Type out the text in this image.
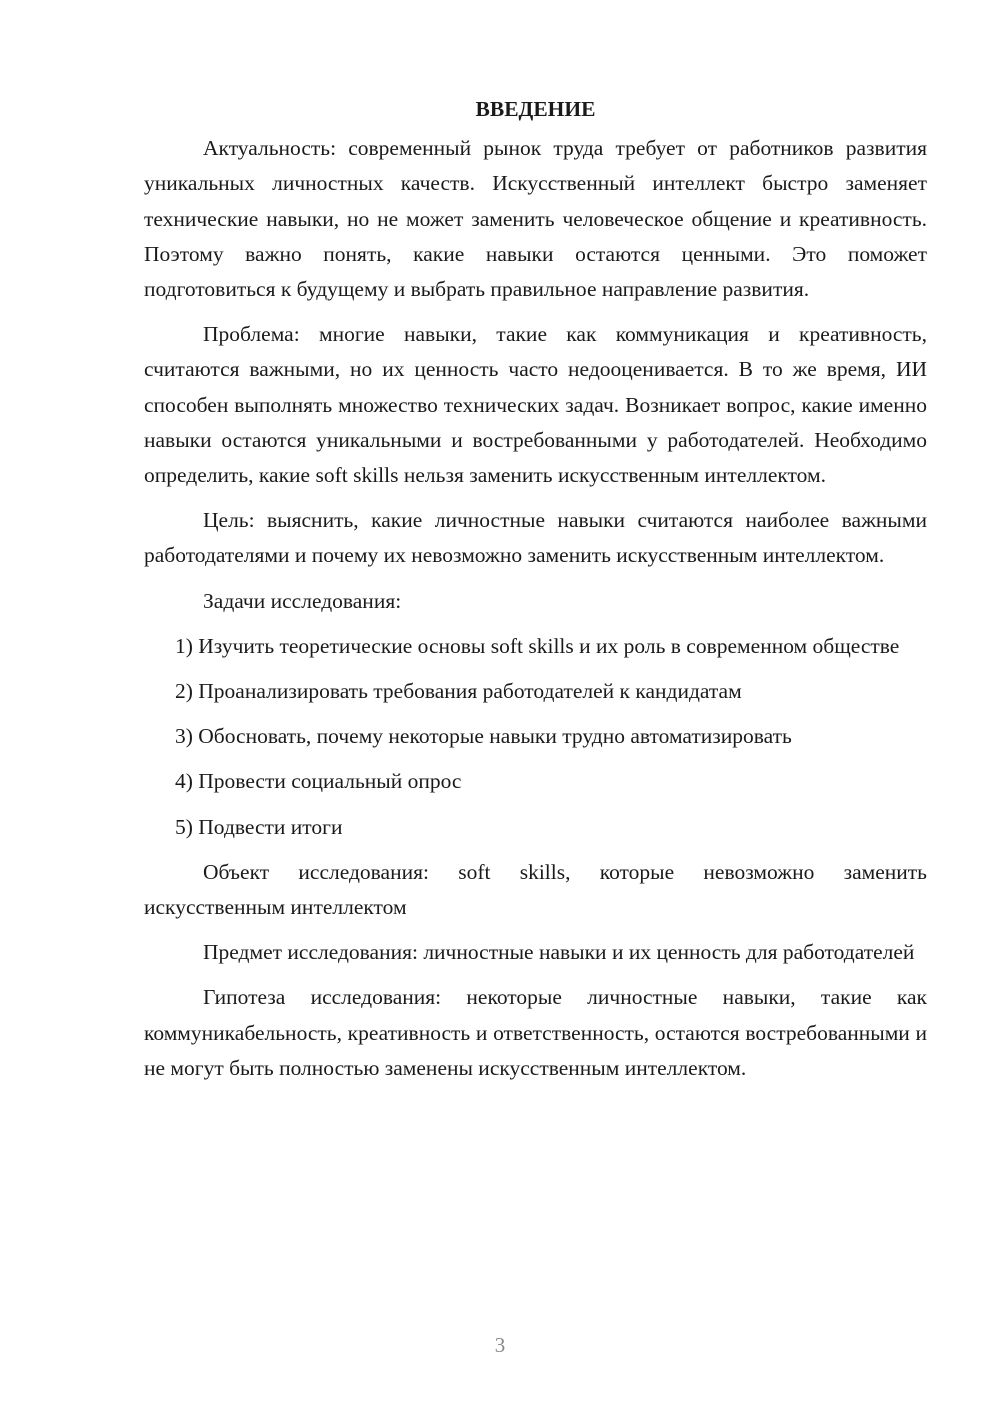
ВВЕДЕНИЕ

Актуальность: современный рынок труда требует от работников развития уникальных личностных качеств. Искусственный интеллект быстро заменяет технические навыки, но не может заменить человеческое общение и креативность. Поэтому важно понять, какие навыки остаются ценными. Это поможет подготовиться к будущему и выбрать правильное направление развития.

Проблема: многие навыки, такие как коммуникация и креативность, считаются важными, но их ценность часто недооценивается. В то же время, ИИ способен выполнять множество технических задач. Возникает вопрос, какие именно навыки остаются уникальными и востребованными у работодателей. Необходимо определить, какие soft skills нельзя заменить искусственным интеллектом.

Цель: выяснить, какие личностные навыки считаются наиболее важными работодателями и почему их невозможно заменить искусственным интеллектом.

Задачи исследования:

1) Изучить теоретические основы soft skills и их роль в современном обществе
2) Проанализировать требования работодателей к кандидатам
3) Обосновать, почему некоторые навыки трудно автоматизировать
4) Провести социальный опрос
5) Подвести итоги

Объект исследования: soft skills, которые невозможно заменить искусственным интеллектом

Предмет исследования: личностные навыки и их ценность для работодателей

Гипотеза исследования: некоторые личностные навыки, такие как коммуникабельность, креативность и ответственность, остаются востребованными и не могут быть полностью заменены искусственным интеллектом.

3
